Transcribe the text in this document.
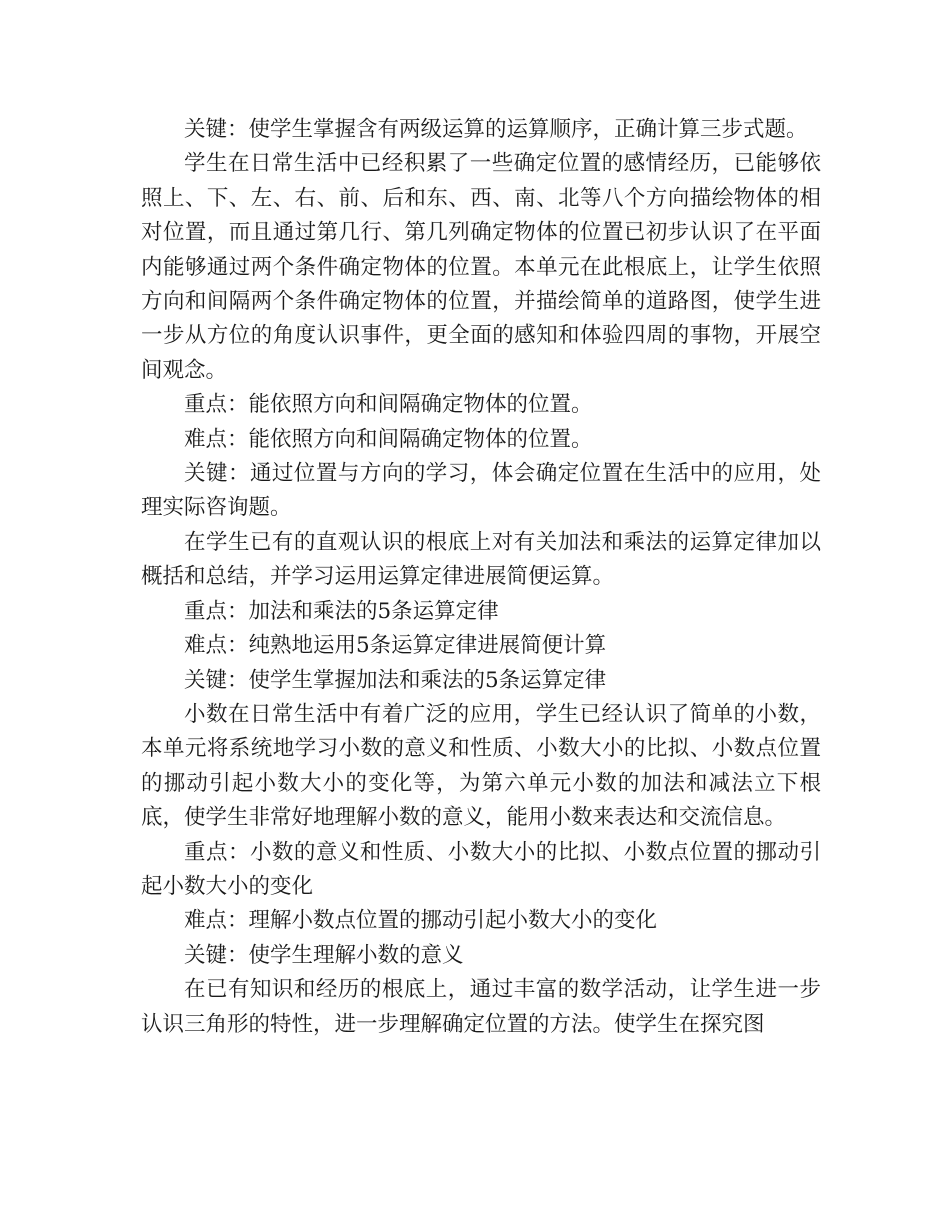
关键：使学生掌握含有两级运算的运算顺序，正确计算三步式题。

学生在日常生活中已经积累了一些确定位置的感情经历，已能够依照上、下、左、右、前、后和东、西、南、北等八个方向描绘物体的相对位置，而且通过第几行、第几列确定物体的位置已初步认识了在平面内能够通过两个条件确定物体的位置。本单元在此根底上，让学生依照方向和间隔两个条件确定物体的位置，并描绘简单的道路图，使学生进一步从方位的角度认识事件，更全面的感知和体验四周的事物，开展空间观念。

重点：能依照方向和间隔确定物体的位置。

难点：能依照方向和间隔确定物体的位置。

关键：通过位置与方向的学习，体会确定位置在生活中的应用，处理实际咨询题。

在学生已有的直观认识的根底上对有关加法和乘法的运算定律加以概括和总结，并学习运用运算定律进展简便运算。

重点：加法和乘法的5条运算定律

难点：纯熟地运用5条运算定律进展简便计算

关键：使学生掌握加法和乘法的5条运算定律

小数在日常生活中有着广泛的应用，学生已经认识了简单的小数，本单元将系统地学习小数的意义和性质、小数大小的比拟、小数点位置的挪动引起小数大小的变化等，为第六单元小数的加法和减法立下根底，使学生非常好地理解小数的意义，能用小数来表达和交流信息。

重点：小数的意义和性质、小数大小的比拟、小数点位置的挪动引起小数大小的变化

难点：理解小数点位置的挪动引起小数大小的变化

关键：使学生理解小数的意义

在已有知识和经历的根底上，通过丰富的数学活动，让学生进一步认识三角形的特性，进一步理解确定位置的方法。使学生在探究图
